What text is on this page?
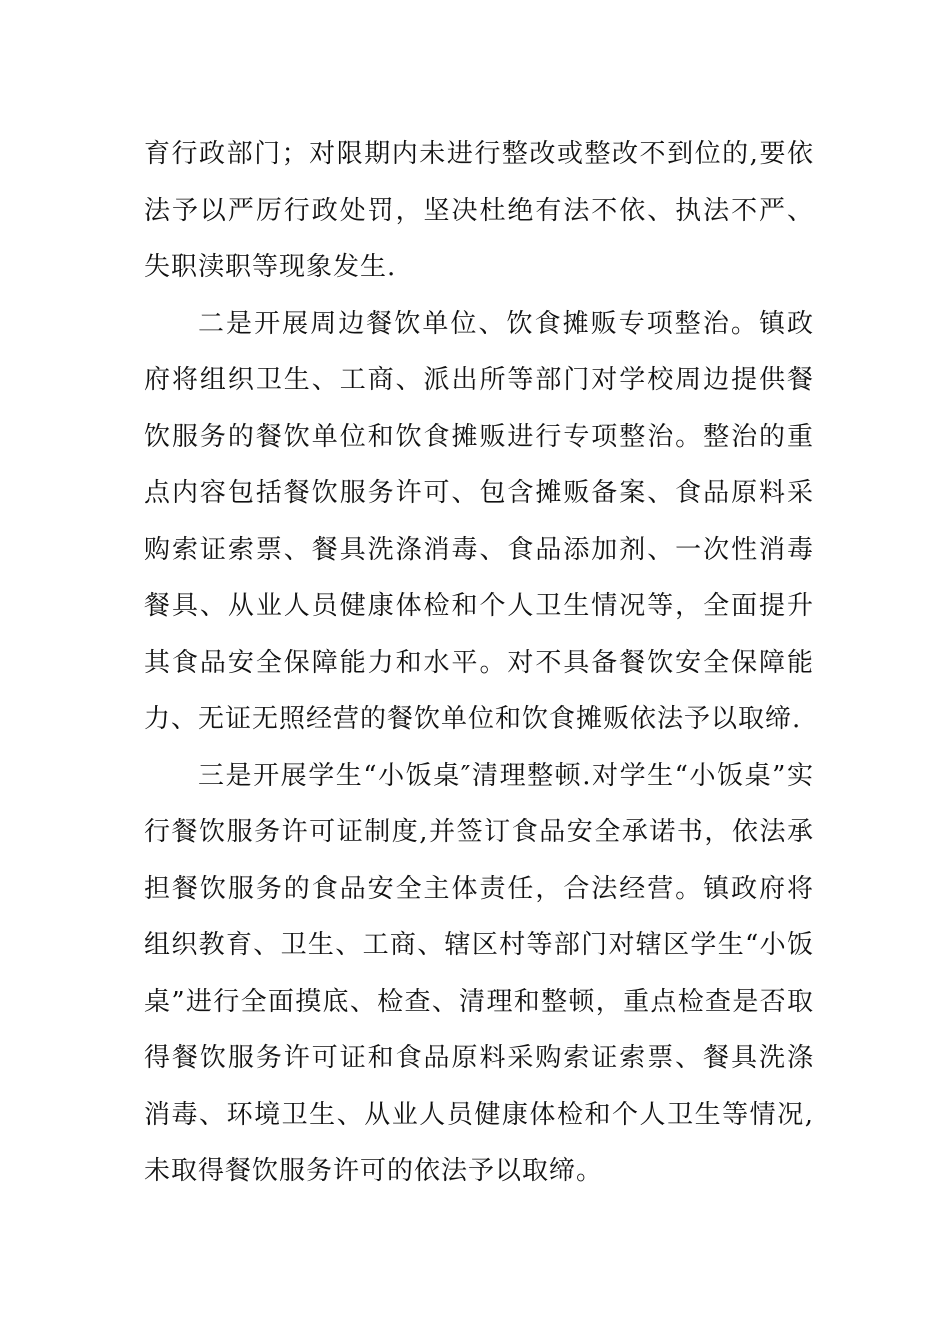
育行政部门；对限期内未进行整改或整改不到位的,要依法予以严厉行政处罚，坚决杜绝有法不依、执法不严、失职渎职等现象发生.

二是开展周边餐饮单位、饮食摊贩专项整治。镇政府将组织卫生、工商、派出所等部门对学校周边提供餐饮服务的餐饮单位和饮食摊贩进行专项整治。整治的重点内容包括餐饮服务许可、包含摊贩备案、食品原料采购索证索票、餐具洗涤消毒、食品添加剂、一次性消毒餐具、从业人员健康体检和个人卫生情况等，全面提升其食品安全保障能力和水平。对不具备餐饮安全保障能力、无证无照经营的餐饮单位和饮食摊贩依法予以取缔.

三是开展学生“小饭桌″清理整顿.对学生“小饭桌”实行餐饮服务许可证制度,并签订食品安全承诺书，依法承担餐饮服务的食品安全主体责任，合法经营。镇政府将组织教育、卫生、工商、辖区村等部门对辖区学生“小饭桌”进行全面摸底、检查、清理和整顿，重点检查是否取得餐饮服务许可证和食品原料采购索证索票、餐具洗涤消毒、环境卫生、从业人员健康体检和个人卫生等情况,未取得餐饮服务许可的依法予以取缔。
